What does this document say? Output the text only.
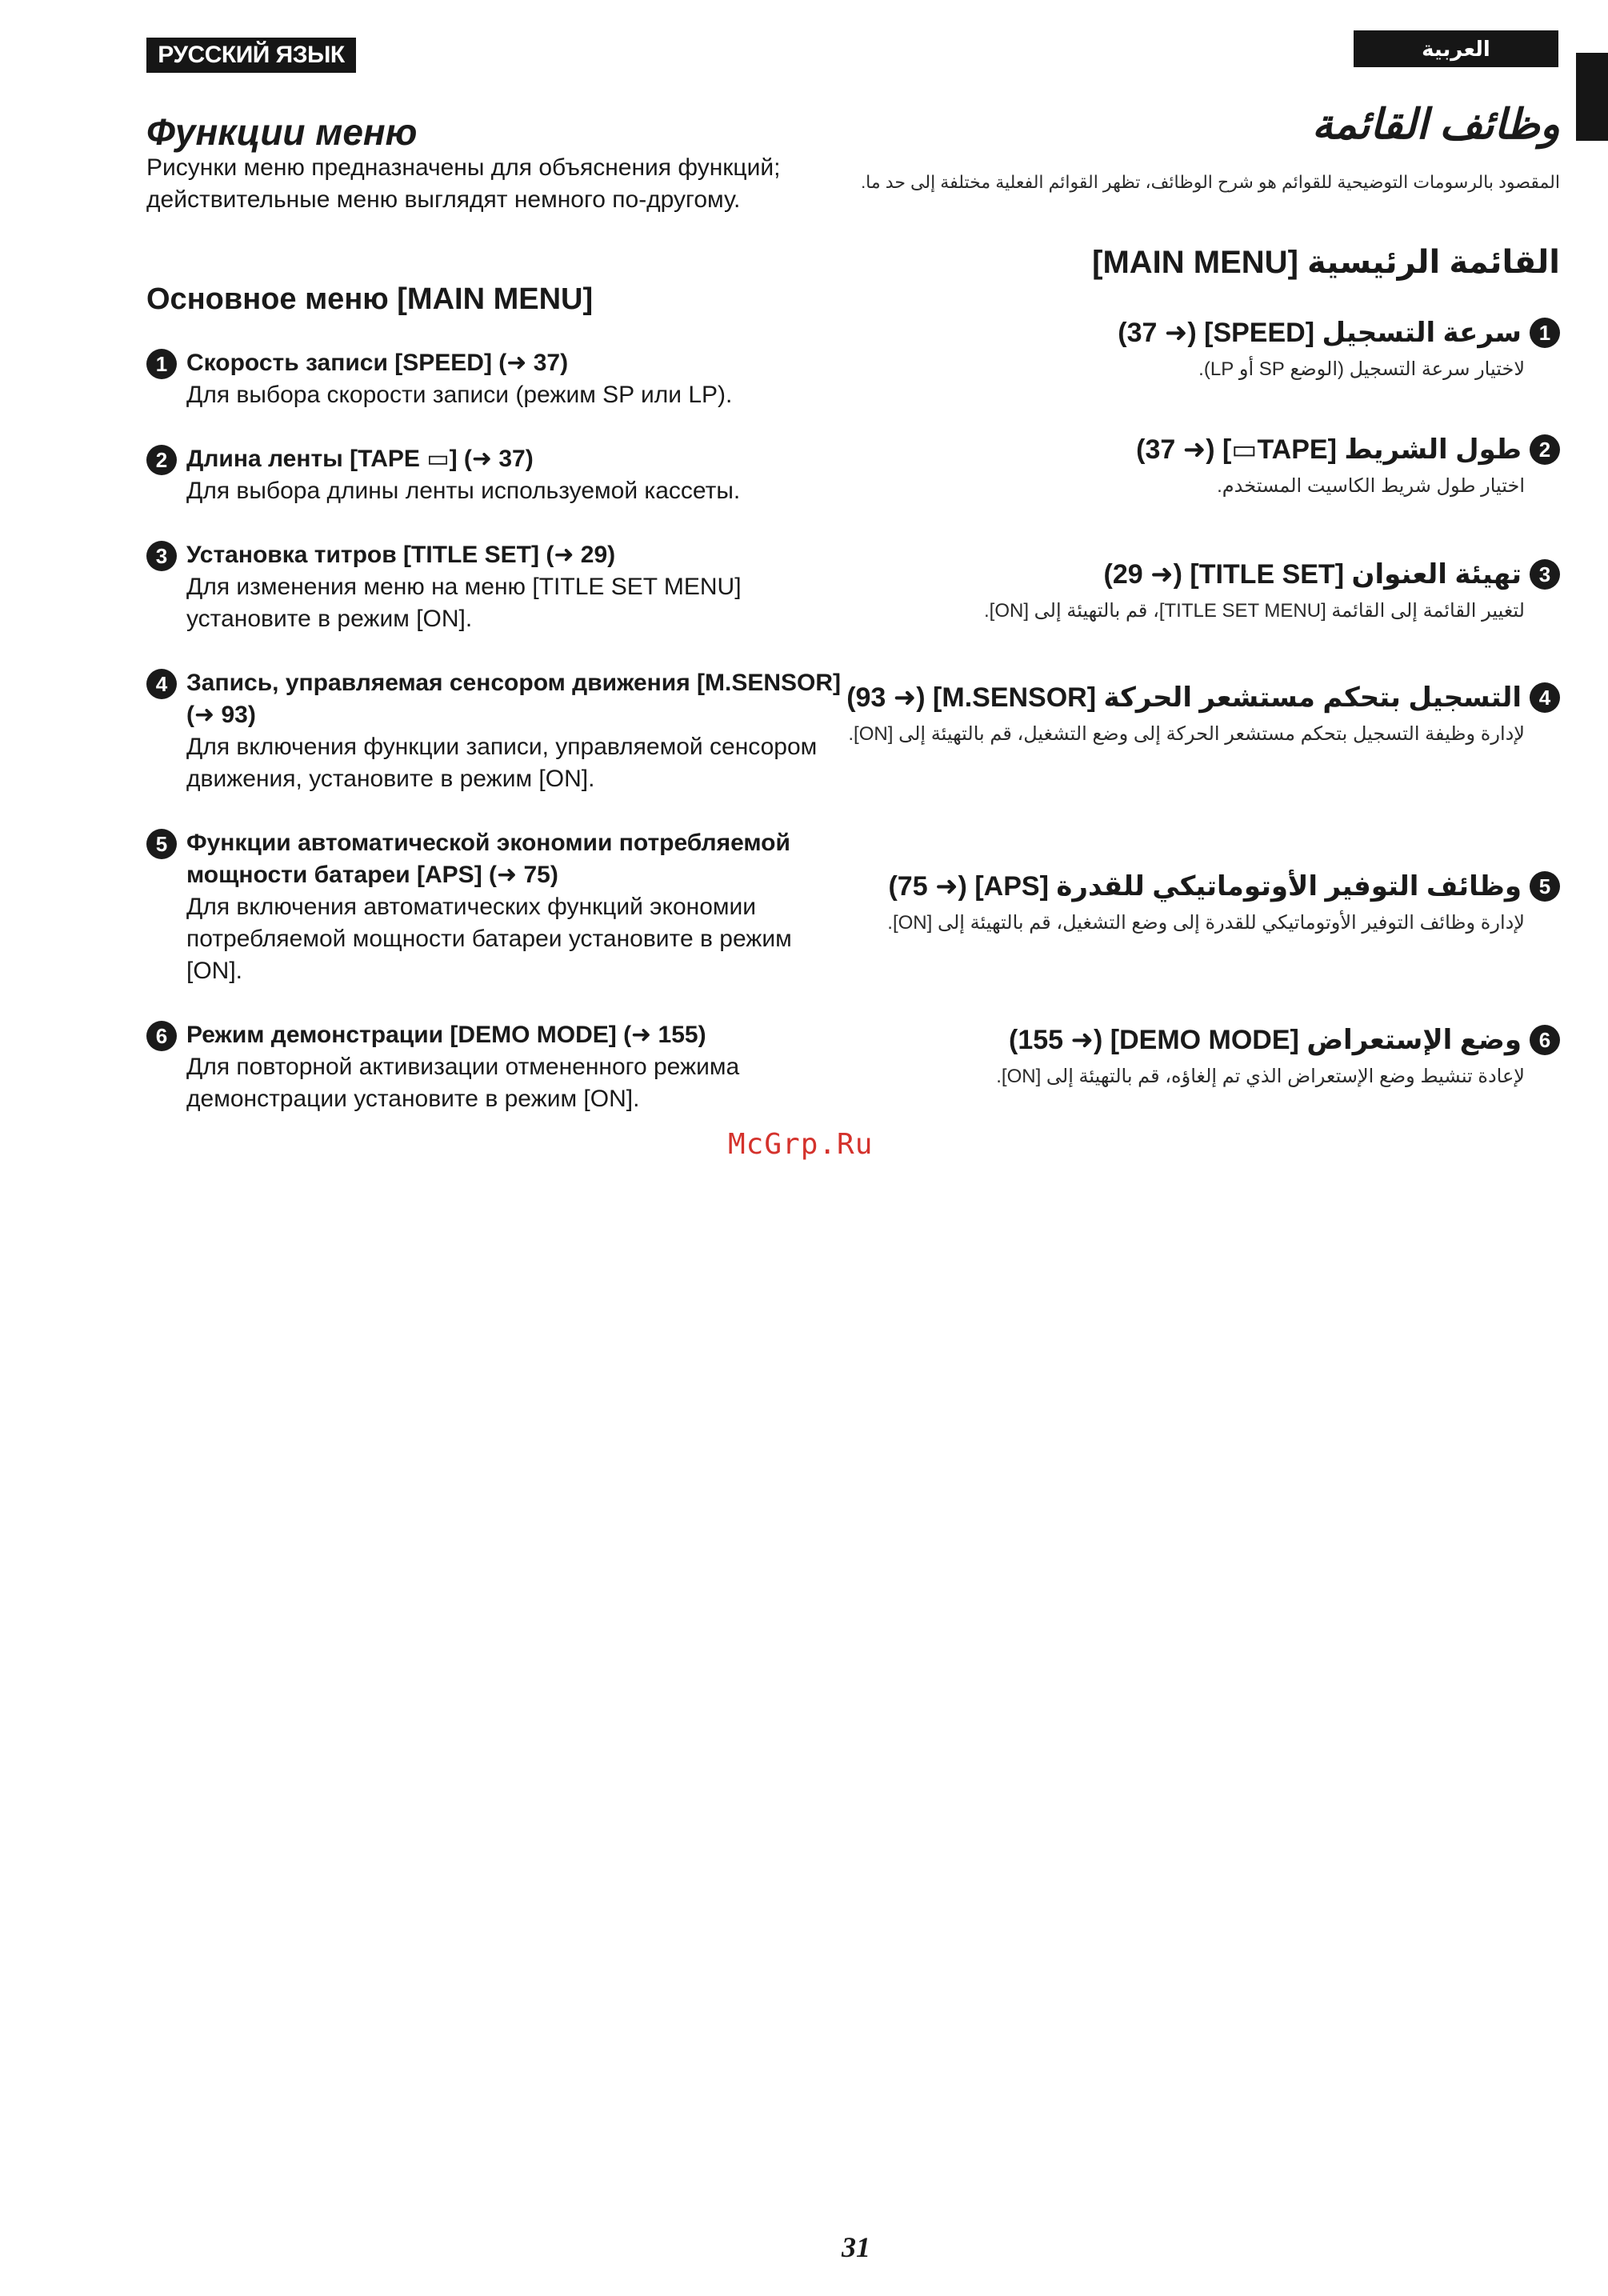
РУССКИЙ ЯЗЫК	العربية
Функции меню

Рисунки меню предназначены для объяснения функций; действительные меню выглядят немного по-другому.

Основное меню [MAIN MENU]
1 Скорость записи [SPEED] (➜ 37)
Для выбора скорости записи (режим SP или LP).
2 Длина ленты [TAPE ▭] (➜ 37)
Для выбора длины ленты используемой кассеты.
3 Установка титров [TITLE SET] (➜ 29)
Для изменения меню на меню [TITLE SET MENU] установите в режим [ON].
4 Запись, управляемая сенсором движения [M.SENSOR] (➜ 93)
Для включения функции записи, управляемой сенсором движения, установите в режим [ON].
5 Функции автоматической экономии потребляемой мощности батареи [APS] (➜ 75)
Для включения автоматических функций экономии потребляемой мощности батареи установите в режим [ON].
6 Режим демонстрации [DEMO MODE] (➜ 155)
Для повторной активизации отмененного режима демонстрации установите в режим [ON].
وظائف القائمة

المقصود بالرسومات التوضيحية للقوائم هو شرح الوظائف، تظهر القوائم الفعلية مختلفة إلى حد ما.

القائمة الرئيسية [MAIN MENU]
1
سرعة التسجيل [SPEED] (➜ 37)
لاختيار سرعة التسجيل (الوضع SP أو LP).
2
طول الشريط [TAPE▭] (➜ 37)
اختيار طول شريط الكاسيت المستخدم.
3
تهيئة العنوان [TITLE SET] (➜ 29)
لتغيير القائمة إلى القائمة [TITLE SET MENU]، قم بالتهيئة إلى [ON].
4
التسجيل بتحكم مستشعر الحركة [M.SENSOR] (➜ 93)
لإدارة وظيفة التسجيل بتحكم مستشعر الحركة إلى وضع التشغيل، قم بالتهيئة إلى [ON].
5
وظائف التوفير الأوتوماتيكي للقدرة [APS] (➜ 75)
لإدارة وظائف التوفير الأوتوماتيكي للقدرة إلى وضع التشغيل، قم بالتهيئة إلى [ON].
6
وضع الإستعراض [DEMO MODE] (➜ 155)
لإعادة تنشيط وضع الإستعراض الذي تم إلغاؤه، قم بالتهيئة إلى [ON].
McGrp.Ru
31
